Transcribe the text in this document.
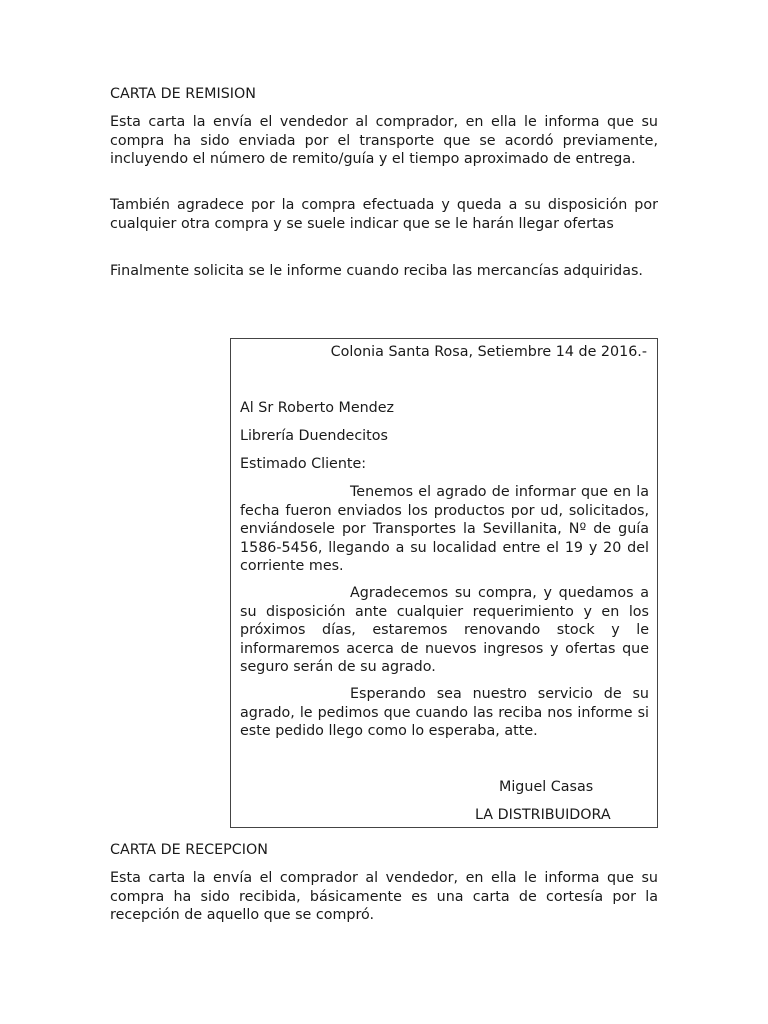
CARTA DE REMISION

Esta carta la envía el vendedor al comprador, en ella le informa que su compra ha sido enviada por el transporte que se acordó previamente, incluyendo el número de remito/guía y el tiempo aproximado de entrega.

También agradece por la compra efectuada y queda a su disposición por cualquier otra compra y se suele indicar que se le harán llegar ofertas

Finalmente solicita se le informe cuando reciba las mercancías adquiridas.

Colonia Santa Rosa, Setiembre 14 de 2016.-

Al Sr Roberto Mendez

Librería Duendecitos

Estimado Cliente:

Tenemos el agrado de informar que en la fecha fueron enviados los productos por ud, solicitados, enviándosele por Transportes la Sevillanita, Nº de guía 1586-5456, llegando a su localidad entre el 19 y 20 del corriente mes.

Agradecemos su compra, y quedamos a su disposición ante cualquier requerimiento y en los próximos días, estaremos renovando stock y le informaremos acerca de nuevos ingresos y ofertas que seguro serán de su agrado.

Esperando sea nuestro servicio de su agrado, le pedimos que cuando las reciba nos informe si este pedido llego como lo esperaba, atte.

Miguel Casas

LA DISTRIBUIDORA

CARTA DE RECEPCION

Esta carta la envía el comprador al vendedor, en ella le informa que su compra ha sido recibida, básicamente es una carta de cortesía por la recepción de aquello que se compró.
